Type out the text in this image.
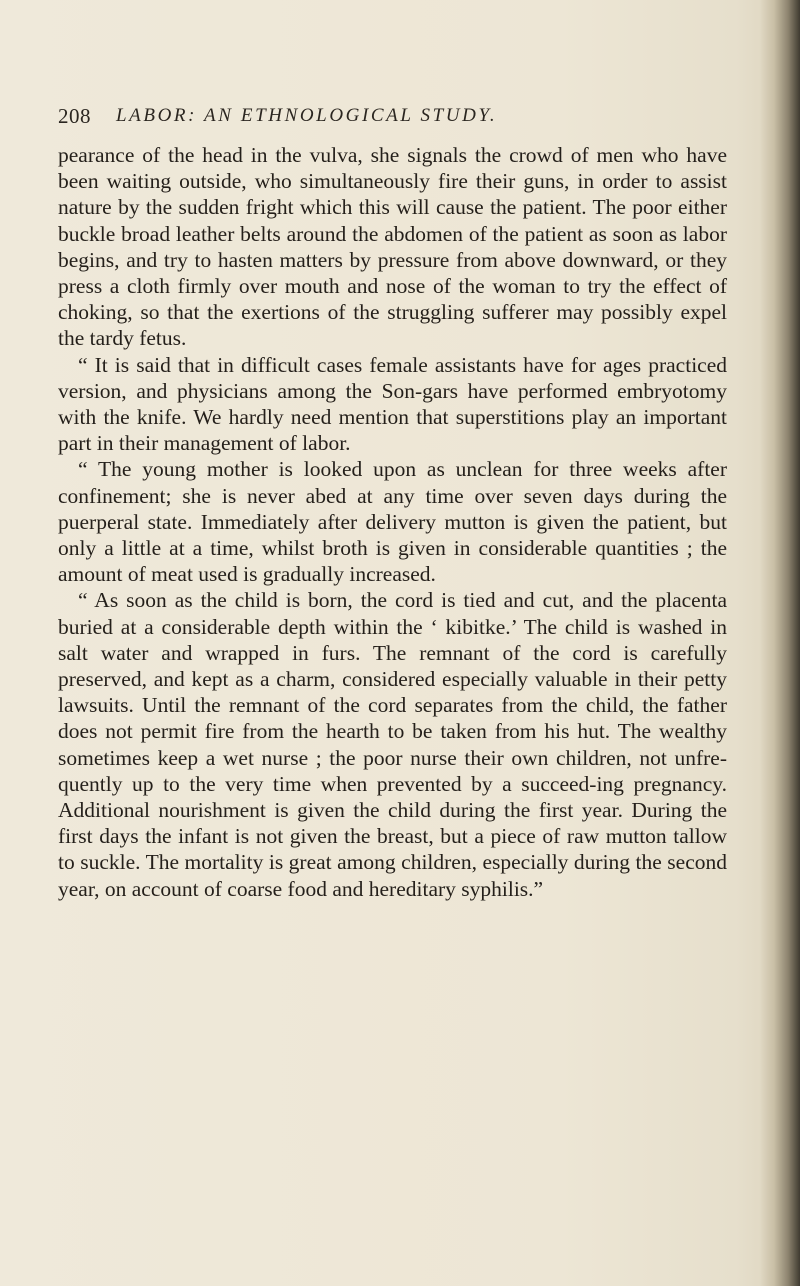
208 LABOR: AN ETHNOLOGICAL STUDY.

pearance of the head in the vulva, she signals the crowd of men who have been waiting outside, who simultaneously fire their guns, in order to assist nature by the sudden fright which this will cause the patient. The poor either buckle broad leather belts around the abdomen of the patient as soon as labor begins, and try to hasten matters by pressure from above downward, or they press a cloth firmly over mouth and nose of the woman to try the effect of choking, so that the exertions of the struggling sufferer may possibly expel the tardy fetus.

“ It is said that in difficult cases female assistants have for ages practiced version, and physicians among the Son-gars have performed embryotomy with the knife. We hardly need mention that superstitions play an important part in their management of labor.

“ The young mother is looked upon as unclean for three weeks after confinement; she is never abed at any time over seven days during the puerperal state. Immediately after delivery mutton is given the patient, but only a little at a time, whilst broth is given in considerable quantities ; the amount of meat used is gradually increased.

“ As soon as the child is born, the cord is tied and cut, and the placenta buried at a considerable depth within the ‘ kibitke.’ The child is washed in salt water and wrapped in furs. The remnant of the cord is carefully preserved, and kept as a charm, considered especially valuable in their petty lawsuits. Until the remnant of the cord separates from the child, the father does not permit fire from the hearth to be taken from his hut. The wealthy sometimes keep a wet nurse ; the poor nurse their own children, not unfre-quently up to the very time when prevented by a succeed-ing pregnancy. Additional nourishment is given the child during the first year. During the first days the infant is not given the breast, but a piece of raw mutton tallow to suckle. The mortality is great among children, especially during the second year, on account of coarse food and hereditary syphilis.”
